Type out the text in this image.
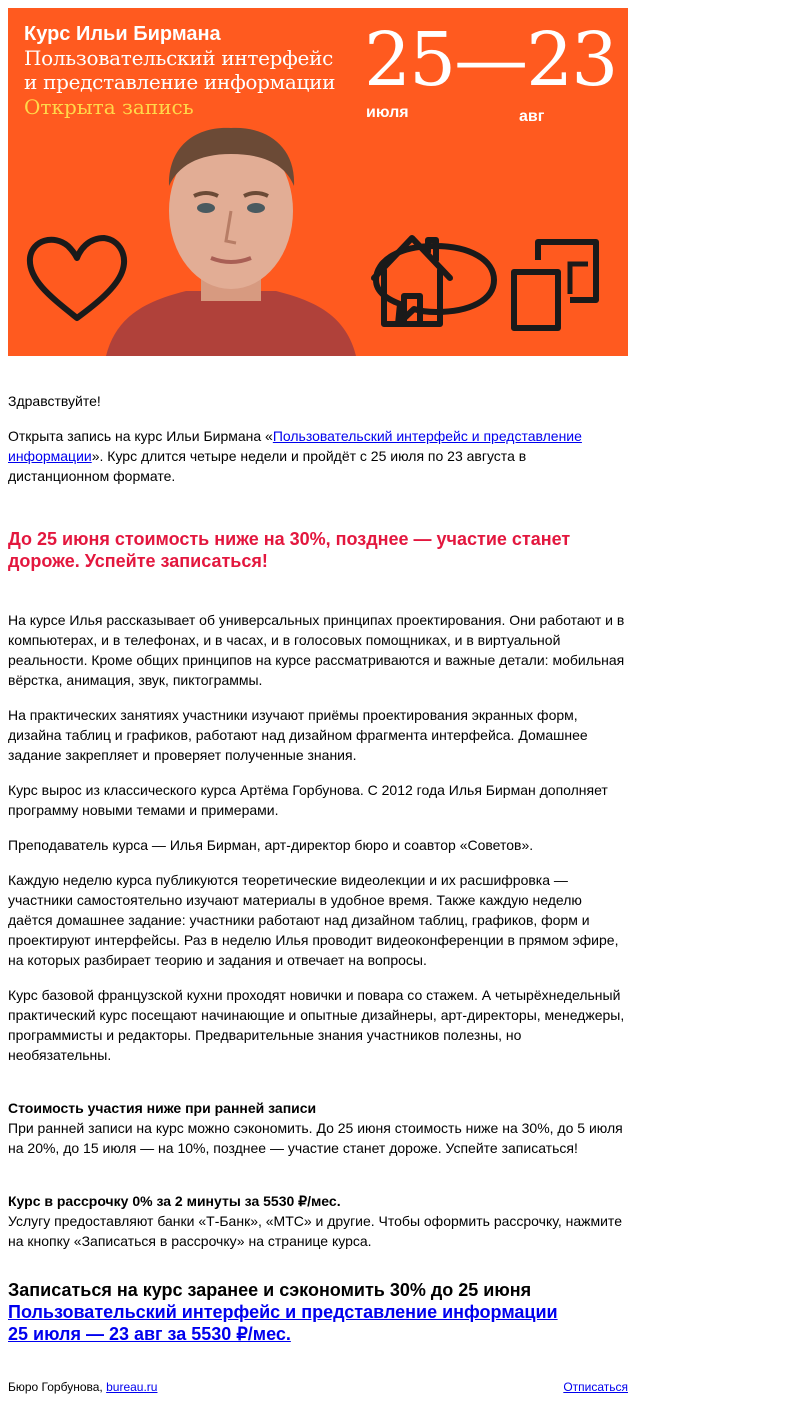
Курс Ильи Бирмана
Пользовательский интерфейс
и представление информации
Открыта запись
25—23
июля	авг

Здравствуйте!

Открыта запись на курс Ильи Бирмана «Пользовательский интерфейс и представление информации». Курс длится четыре недели и пройдёт с 25 июля по 23 августа в дистанционном формате.

До 25 июня стоимость ниже на 30%, позднее — участие станет дороже. Успейте записаться!

На курсе Илья рассказывает об универсальных принципах проектирования. Они работают и в компьютерах, и в телефонах, и в часах, и в голосовых помощниках, и в виртуальной реальности. Кроме общих принципов на курсе рассматриваются и важные детали: мобильная вёрстка, анимация, звук, пиктограммы.

На практических занятиях участники изучают приёмы проектирования экранных форм, дизайна таблиц и графиков, работают над дизайном фрагмента интерфейса. Домашнее задание закрепляет и проверяет полученные знания.

Курс вырос из классического курса Артёма Горбунова. С 2012 года Илья Бирман дополняет программу новыми темами и примерами.

Преподаватель курса — Илья Бирман, арт-директор бюро и соавтор «Советов».

Каждую неделю курса публикуются теоретические видеолекции и их расшифровка — участники самостоятельно изучают материалы в удобное время. Также каждую неделю даётся домашнее задание: участники работают над дизайном таблиц, графиков, форм и проектируют интерфейсы. Раз в неделю Илья проводит видеоконференции в прямом эфире, на которых разбирает теорию и задания и отвечает на вопросы.

Курс базовой французской кухни проходят новички и повара со стажем. А четырёхнедельный практический курс посещают начинающие и опытные дизайнеры, арт-директоры, менеджеры, программисты и редакторы. Предварительные знания участников полезны, но необязательны.

Стоимость участия ниже при ранней записи

При ранней записи на курс можно сэкономить. До 25 июня стоимость ниже на 30%, до 5 июля на 20%, до 15 июля — на 10%, позднее — участие станет дороже. Успейте записаться!

Курс в рассрочку 0% за 2 минуты за 5530 ₽/мес.

Услугу предоставляют банки «Т-Банк», «МТС» и другие. Чтобы оформить рассрочку, нажмите на кнопку «Записаться в рассрочку» на странице курса.

Записаться на курс заранее и сэкономить 30% до 25 июня

Пользовательский интерфейс и представление информации

25 июля — 23 авг за 5530 ₽/мес.

Бюро Горбунова, bureau.ru	Отписаться
